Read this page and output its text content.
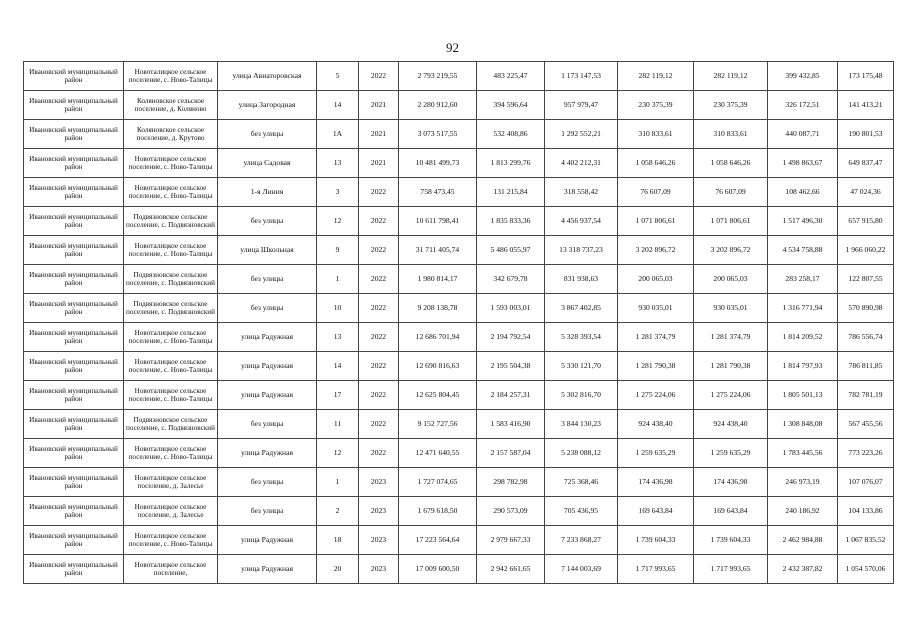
92
Ивановский муниципальный район	Новоталицкое сельское поселение, с. Ново-Талицы	улица Авиаторовская	5	2022	2 793 219,55	483 225,47	1 173 147,53	282 119,12	282 119,12	399 432,85	173 175,48
Ивановский муниципальный район	Коляновское сельское поселение, д. Коляново	улица Загородная	14	2021	2 280 912,60	394 596,64	957 979,47	230 375,39	230 375,39	326 172,51	141 413,21
Ивановский муниципальный район	Коляновское сельское поселение, д. Крутово	без улицы	1А	2021	3 073 517,55	532 408,86	1 292 552,21	310 833,61	310 833,61	440 087,71	190 801,53
Ивановский муниципальный район	Новоталицкое сельское поселение, с. Ново-Талицы	улица Садовая	13	2021	10 481 499,73	1 813 299,76	4 402 212,31	1 058 646,26	1 058 646,26	1 498 863,67	649 837,47
Ивановский муниципальный район	Новоталицкое сельское поселение, с. Ново-Талицы	1-я Линия	3	2022	758 473,45	131 215,84	318 558,42	76 607,09	76 607,09	108 462,66	47 024,36
Ивановский муниципальный район	Подвязновское сельское поселение, с. Подвязновский	без улицы	12	2022	10 611 798,41	1 835 833,36	4 456 937,54	1 071 806,61	1 071 806,61	1 517 496,30	657 915,80
Ивановский муниципальный район	Новоталицкое сельское поселение, с. Ново-Талицы	улица Школьная	9	2022	31 711 405,74	5 486 055,97	13 318 737,23	3 202 896,72	3 202 896,72	4 534 758,88	1 966 060,22
Ивановский муниципальный район	Подвязновское сельское поселение, с. Подвязновский	без улицы	1	2022	1 980 814,17	342 679,78	831 938,63	200 065,03	200 065,03	283 258,17	122 807,55
Ивановский муниципальный район	Подвязновское сельское поселение, с. Подвязновский	без улицы	10	2022	9 208 138,78	1 593 003,01	3 867 402,85	930 035,01	930 035,01	1 316 771,94	570 890,98
Ивановский муниципальный район	Новоталицкое сельское поселение, с. Ново-Талицы	улица Радужная	13	2022	12 686 701,94	2 194 792,54	5 328 393,54	1 281 374,79	1 281 374,79	1 814 209,52	786 556,74
Ивановский муниципальный район	Новоталицкое сельское поселение, с. Ново-Талицы	улица Радужная	14	2022	12 690 816,63	2 195 504,38	5 330 121,70	1 281 790,38	1 281 790,38	1 814 797,93	786 811,85
Ивановский муниципальный район	Новоталицкое сельское поселение, с. Ново-Талицы	улица Радужная	17	2022	12 625 804,45	2 184 257,31	5 302 816,70	1 275 224,06	1 275 224,06	1 805 501,13	782 781,19
Ивановский муниципальный район	Подвязновское сельское поселение, с. Подвязновский	без улицы	11	2022	9 152 727,56	1 583 416,90	3 844 130,23	924 438,40	924 438,40	1 308 848,08	567 455,56
Ивановский муниципальный район	Новоталицкое сельское поселение, с. Ново-Талицы	улица Радужная	12	2022	12 471 640,55	2 157 587,04	5 238 088,12	1 259 635,29	1 259 635,29	1 783 445,56	773 223,26
Ивановский муниципальный район	Новоталицкое сельское поселение, д. Залесье	без улицы	1	2023	1 727 074,65	298 782,98	725 368,46	174 436,98	174 436,98	246 973,19	107 076,07
Ивановский муниципальный район	Новоталицкое сельское поселение, д. Залесье	без улицы	2	2023	1 679 618,50	290 573,09	705 436,95	169 643,84	169 643,84	240 186,92	104 133,86
Ивановский муниципальный район	Новоталицкое сельское поселение, с. Ново-Талицы	улица Радужная	18	2023	17 223 564,64	2 979 667,33	7 233 868,27	1 739 604,33	1 739 604,33	2 462 984,88	1 067 835,52
Ивановский муниципальный район	Новоталицкое сельское поселение,	улица Радужная	20	2023	17 009 600,50	2 942 661,65	7 144 003,69	1 717 993,65	1 717 993,65	2 432 387,82	1 054 570,06
